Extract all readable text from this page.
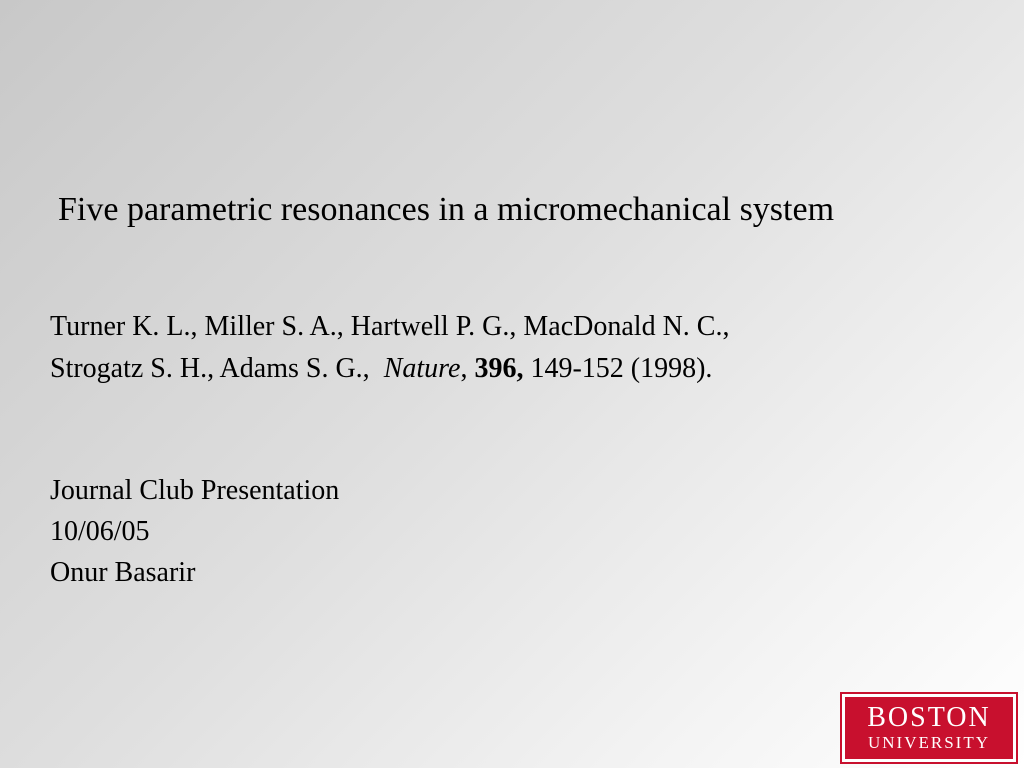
Five parametric resonances in a micromechanical system
Turner K. L., Miller S. A., Hartwell P. G., MacDonald N. C.,
Strogatz S. H., Adams S. G., Nature, 396, 149-152 (1998).
Journal Club Presentation
10/06/05
Onur Basarir
BOSTON
UNIVERSITY
